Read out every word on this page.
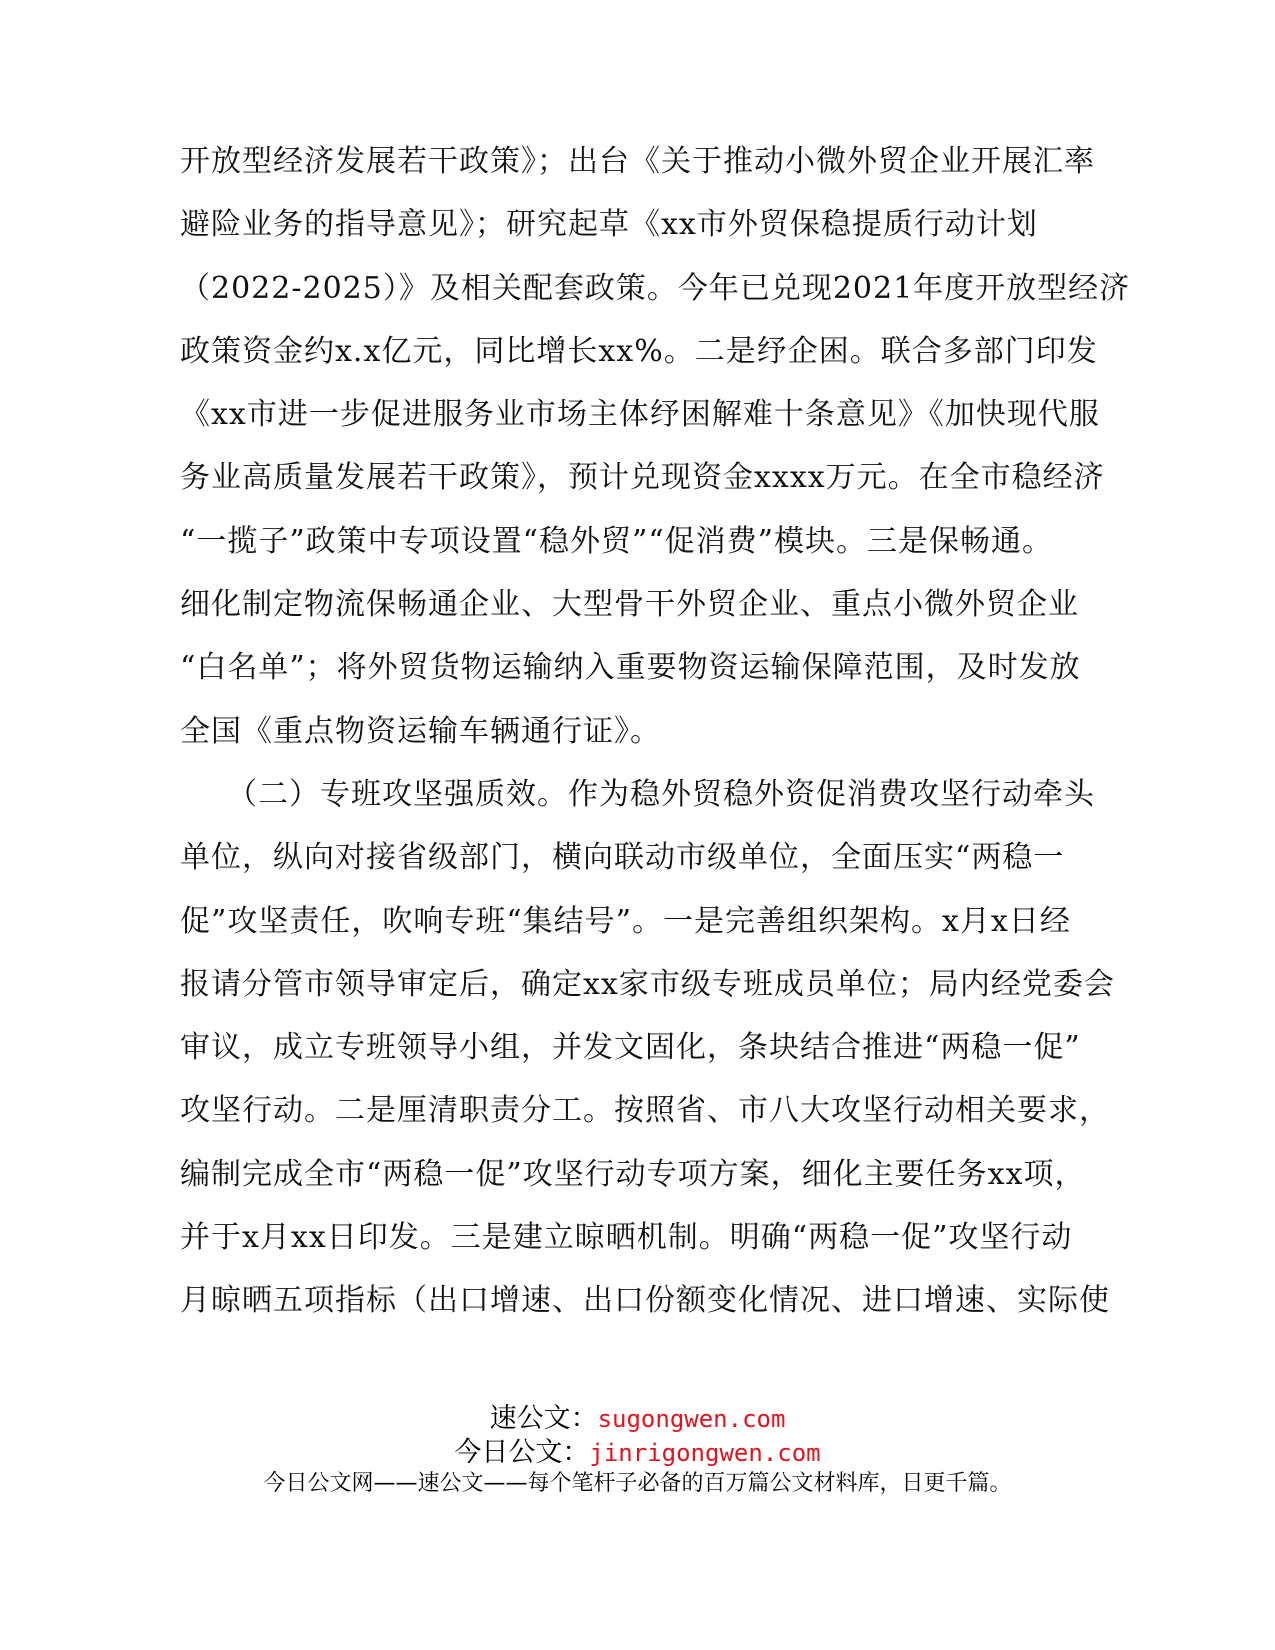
开放型经济发展若干政策》；出台《关于推动小微外贸企业开展汇率
避险业务的指导意见》；研究起草《xx市外贸保稳提质行动计划
（2022-2025）》及相关配套政策。今年已兑现2021年度开放型经济
政策资金约x.x亿元，同比增长xx%。二是纾企困。联合多部门印发
《xx市进一步促进服务业市场主体纾困解难十条意见》《加快现代服
务业高质量发展若干政策》，预计兑现资金xxxx万元。在全市稳经济
“一揽子”政策中专项设置“稳外贸”“促消费”模块。三是保畅通。
细化制定物流保畅通企业、大型骨干外贸企业、重点小微外贸企业
“白名单”；将外贸货物运输纳入重要物资运输保障范围，及时发放
全国《重点物资运输车辆通行证》。
　　（二）专班攻坚强质效。作为稳外贸稳外资促消费攻坚行动牵头
单位，纵向对接省级部门，横向联动市级单位，全面压实“两稳一
促”攻坚责任，吹响专班“集结号”。一是完善组织架构。x月x日经
报请分管市领导审定后，确定xx家市级专班成员单位；局内经党委会
审议，成立专班领导小组，并发文固化，条块结合推进“两稳一促”
攻坚行动。二是厘清职责分工。按照省、市八大攻坚行动相关要求，
编制完成全市“两稳一促”攻坚行动专项方案，细化主要任务xx项，
并于x月xx日印发。三是建立晾晒机制。明确“两稳一促”攻坚行动
月晾晒五项指标（出口增速、出口份额变化情况、进口增速、实际使
速公文：sugongwen.com
今日公文：jinrigongwen.com
今日公文网——速公文——每个笔杆子必备的百万篇公文材料库，日更千篇。
